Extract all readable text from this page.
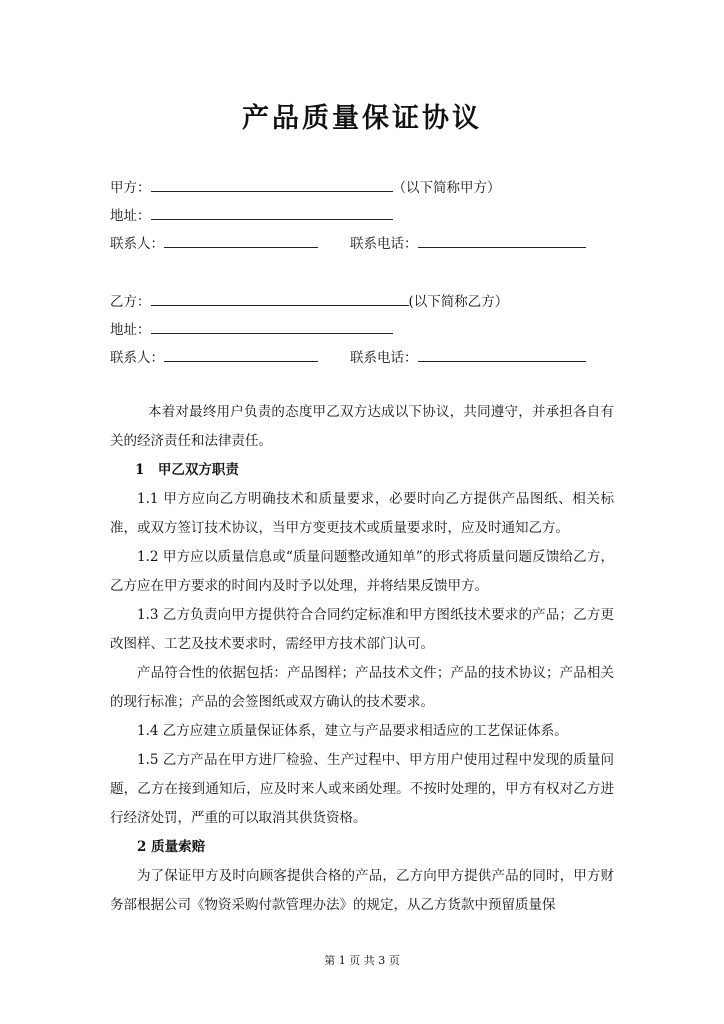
产品质量保证协议
甲方：	（以下简称甲方）
地址：
联系人：	联系电话：
乙方：	(以下简称乙方）
地址：
联系人：	联系电话：
本着对最终用户负责的态度甲乙双方达成以下协议，共同遵守，并承担各自有关的经济责任和法律责任。
1　甲乙双方职责
1.1 甲方应向乙方明确技术和质量要求，必要时向乙方提供产品图纸、相关标准，或双方签订技术协议，当甲方变更技术或质量要求时，应及时通知乙方。
1.2 甲方应以质量信息或“质量问题整改通知单”的形式将质量问题反馈给乙方，乙方应在甲方要求的时间内及时予以处理，并将结果反馈甲方。
1.3 乙方负责向甲方提供符合合同约定标准和甲方图纸技术要求的产品；乙方更改图样、工艺及技术要求时，需经甲方技术部门认可。
产品符合性的依据包括：产品图样；产品技术文件；产品的技术协议；产品相关的现行标准；产品的会签图纸或双方确认的技术要求。
1.4 乙方应建立质量保证体系，建立与产品要求相适应的工艺保证体系。
1.5 乙方产品在甲方进厂检验、生产过程中、甲方用户使用过程中发现的质量问题，乙方在接到通知后，应及时来人或来函处理。不按时处理的，甲方有权对乙方进行经济处罚，严重的可以取消其供货资格。
2 质量索赔
为了保证甲方及时向顾客提供合格的产品，乙方向甲方提供产品的同时，甲方财务部根据公司《物资采购付款管理办法》的规定，从乙方货款中预留质量保
第 1 页 共 3 页
